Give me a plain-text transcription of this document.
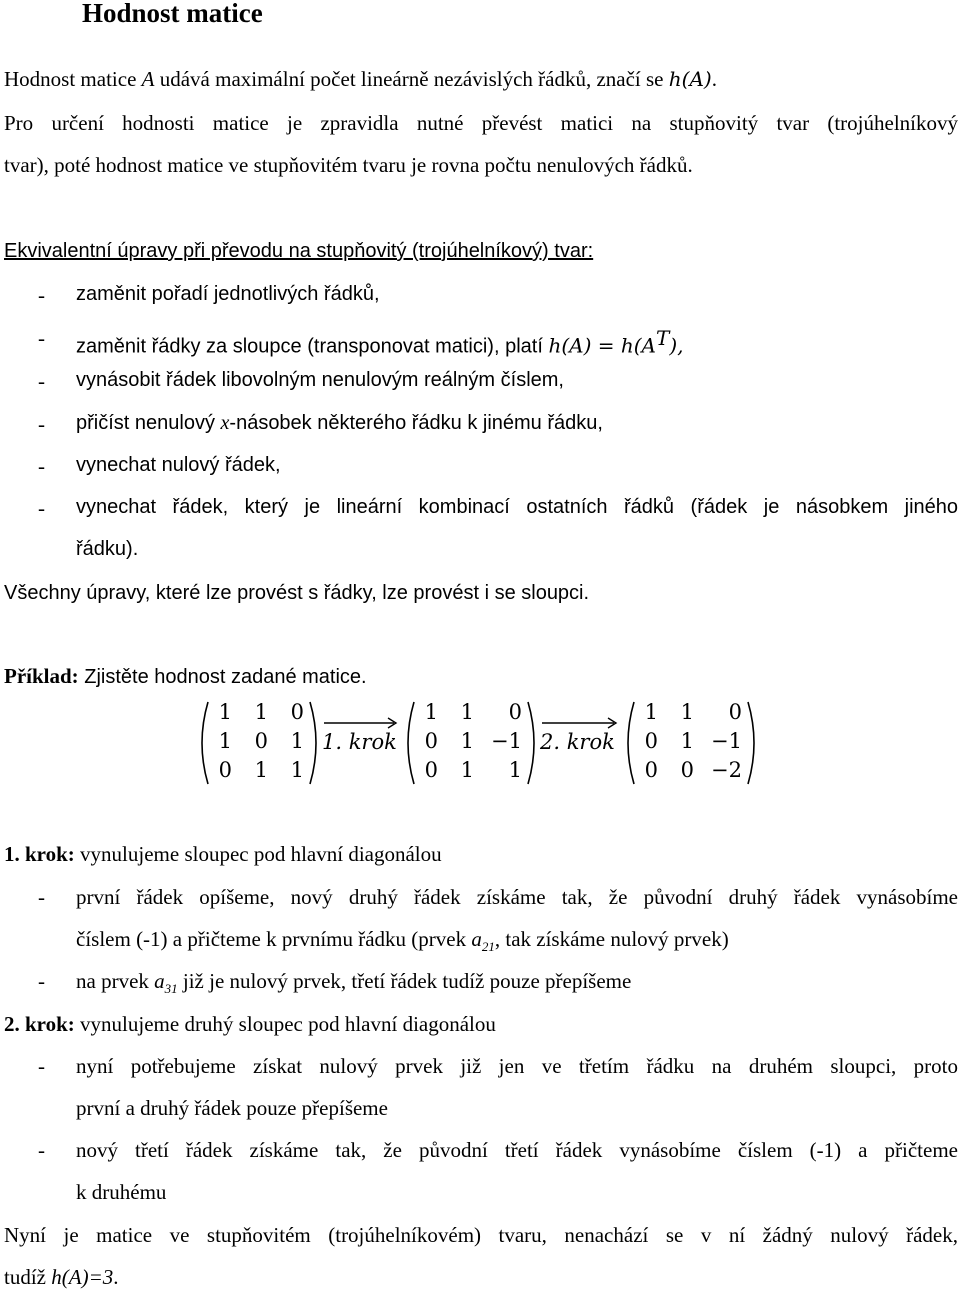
Hodnost matice
Hodnost matice A udává maximální počet lineárně nezávislých řádků, značí se h(A).
Pro určení hodnosti matice je zpravidla nutné převést matici na stupňovitý tvar (trojúhelníkový
tvar), poté hodnost matice ve stupňovitém tvaru je rovna počtu nenulových řádků.
Ekvivalentní úpravy při převodu na stupňovitý (trojúhelníkový) tvar:
- zaměnit pořadí jednotlivých řádků,
- zaměnit řádky za sloupce (transponovat matici), platí $h(A) = h(A^T)$,
- vynásobit řádek libovolným nenulovým reálným číslem,
- přičíst nenulový x-násobek některého řádku k jinému řádku,
- vynechat nulový řádek,
- vynechat řádek, který je lineární kombinací ostatních řádků (řádek je násobkem jiného
řádku).
Všechny úpravy, které lze provést s řádky, lze provést i se sloupci.
Příklad: Zjistěte hodnost zadané matice.
1	1	0
1	0	1
0	1	1
1. krok
1	1	0
0	1 −1
0	1	1
2. krok
1	1	0
0	1 −1
0	0 −2
1. krok: vynulujeme sloupec pod hlavní diagonálou
- první řádek opíšeme, nový druhý řádek získáme tak, že původní druhý řádek vynásobíme
číslem (-1) a přičteme k prvnímu řádku (prvek $a_{21}$, tak získáme nulový prvek)
- na prvek $a_{31}$ již je nulový prvek, třetí řádek tudíž pouze přepíšeme
2. krok: vynulujeme druhý sloupec pod hlavní diagonálou
- nyní potřebujeme získat nulový prvek již jen ve třetím řádku na druhém sloupci, proto
první a druhý řádek pouze přepíšeme
- nový třetí řádek získáme tak, že původní třetí řádek vynásobíme číslem (-1) a přičteme
k druhému
Nyní je matice ve stupňovitém (trojúhelníkovém) tvaru, nenachází se v ní žádný nulový řádek,
tudíž h(A)=3.
